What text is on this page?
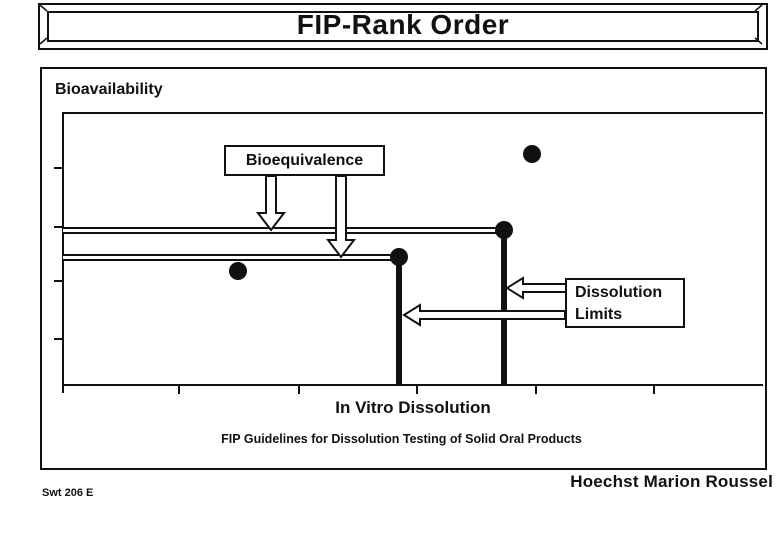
FIP-Rank Order
Bioavailability
Bioequivalence
Dissolution
Limits
In Vitro Dissolution
FIP Guidelines for Dissolution Testing of Solid Oral Products
Hoechst Marion Roussel
Swt 206 E
